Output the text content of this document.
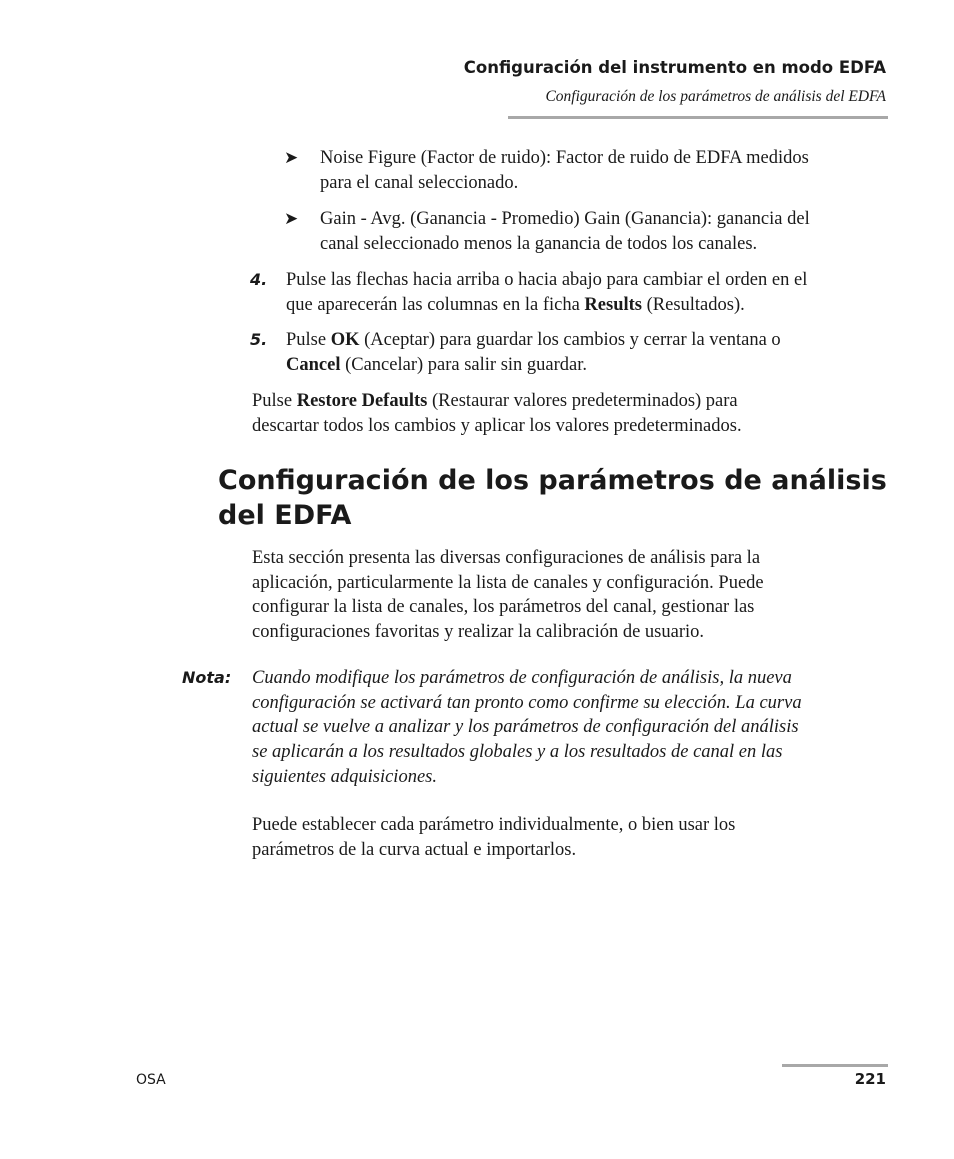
Configuración del instrumento en modo EDFA
Configuración de los parámetros de análisis del EDFA
➤ Noise Figure (Factor de ruido): Factor de ruido de EDFA medidos
para el canal seleccionado.
➤ Gain - Avg. (Ganancia - Promedio) Gain (Ganancia): ganancia del
canal seleccionado menos la ganancia de todos los canales.
4. Pulse las flechas hacia arriba o hacia abajo para cambiar el orden en el
que aparecerán las columnas en la ficha Results (Resultados).
5. Pulse OK (Aceptar) para guardar los cambios y cerrar la ventana o
Cancel (Cancelar) para salir sin guardar.
Pulse Restore Defaults (Restaurar valores predeterminados) para
descartar todos los cambios y aplicar los valores predeterminados.
Configuración de los parámetros de análisis
del EDFA
Esta sección presenta las diversas configuraciones de análisis para la
aplicación, particularmente la lista de canales y configuración. Puede
configurar la lista de canales, los parámetros del canal, gestionar las
configuraciones favoritas y realizar la calibración de usuario.
Nota: Cuando modifique los parámetros de configuración de análisis, la nueva
configuración se activará tan pronto como confirme su elección. La curva
actual se vuelve a analizar y los parámetros de configuración del análisis
se aplicarán a los resultados globales y a los resultados de canal en las
siguientes adquisiciones.
Puede establecer cada parámetro individualmente, o bien usar los
parámetros de la curva actual e importarlos.
OSA	221
